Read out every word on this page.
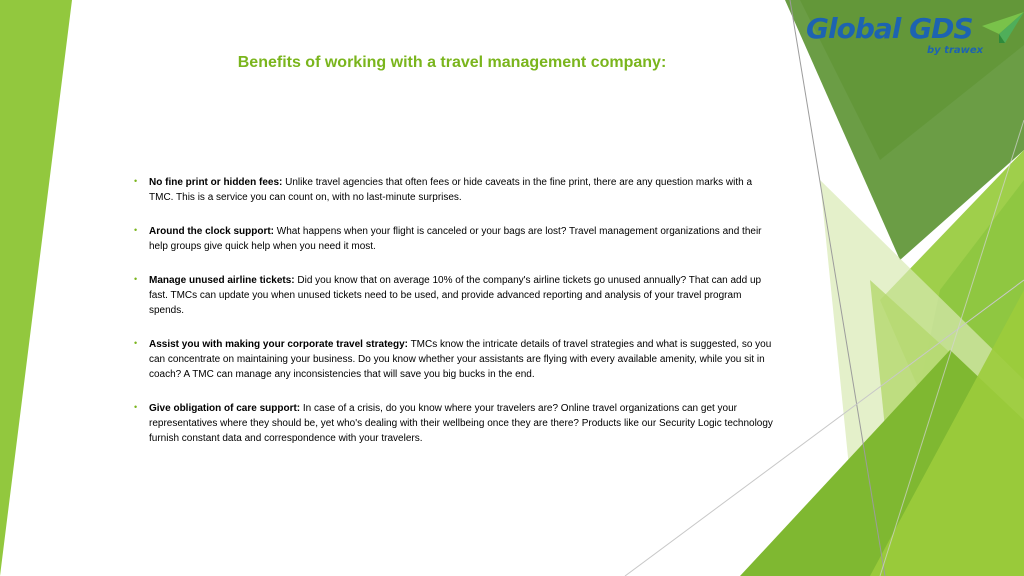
Global GDS
by trawex
Benefits of working with a travel management company:
• No fine print or hidden fees: Unlike travel agencies that often fees or hide caveats in the fine print, there are any question marks with a TMC. This is a service you can count on, with no last-minute surprises.
• Around the clock support: What happens when your flight is canceled or your bags are lost? Travel management organizations and their help groups give quick help when you need it most.
• Manage unused airline tickets: Did you know that on average 10% of the company's airline tickets go unused annually? That can add up fast. TMCs can update you when unused tickets need to be used, and provide advanced reporting and analysis of your travel program spends.
• Assist you with making your corporate travel strategy: TMCs know the intricate details of travel strategies and what is suggested, so you can concentrate on maintaining your business. Do you know whether your assistants are flying with every available amenity, while you sit in coach? A TMC can manage any inconsistencies that will save you big bucks in the end.
• Give obligation of care support: In case of a crisis, do you know where your travelers are? Online travel organizations can get your representatives where they should be, yet who's dealing with their wellbeing once they are there? Products like our Security Logic technology furnish constant data and correspondence with your travelers.
